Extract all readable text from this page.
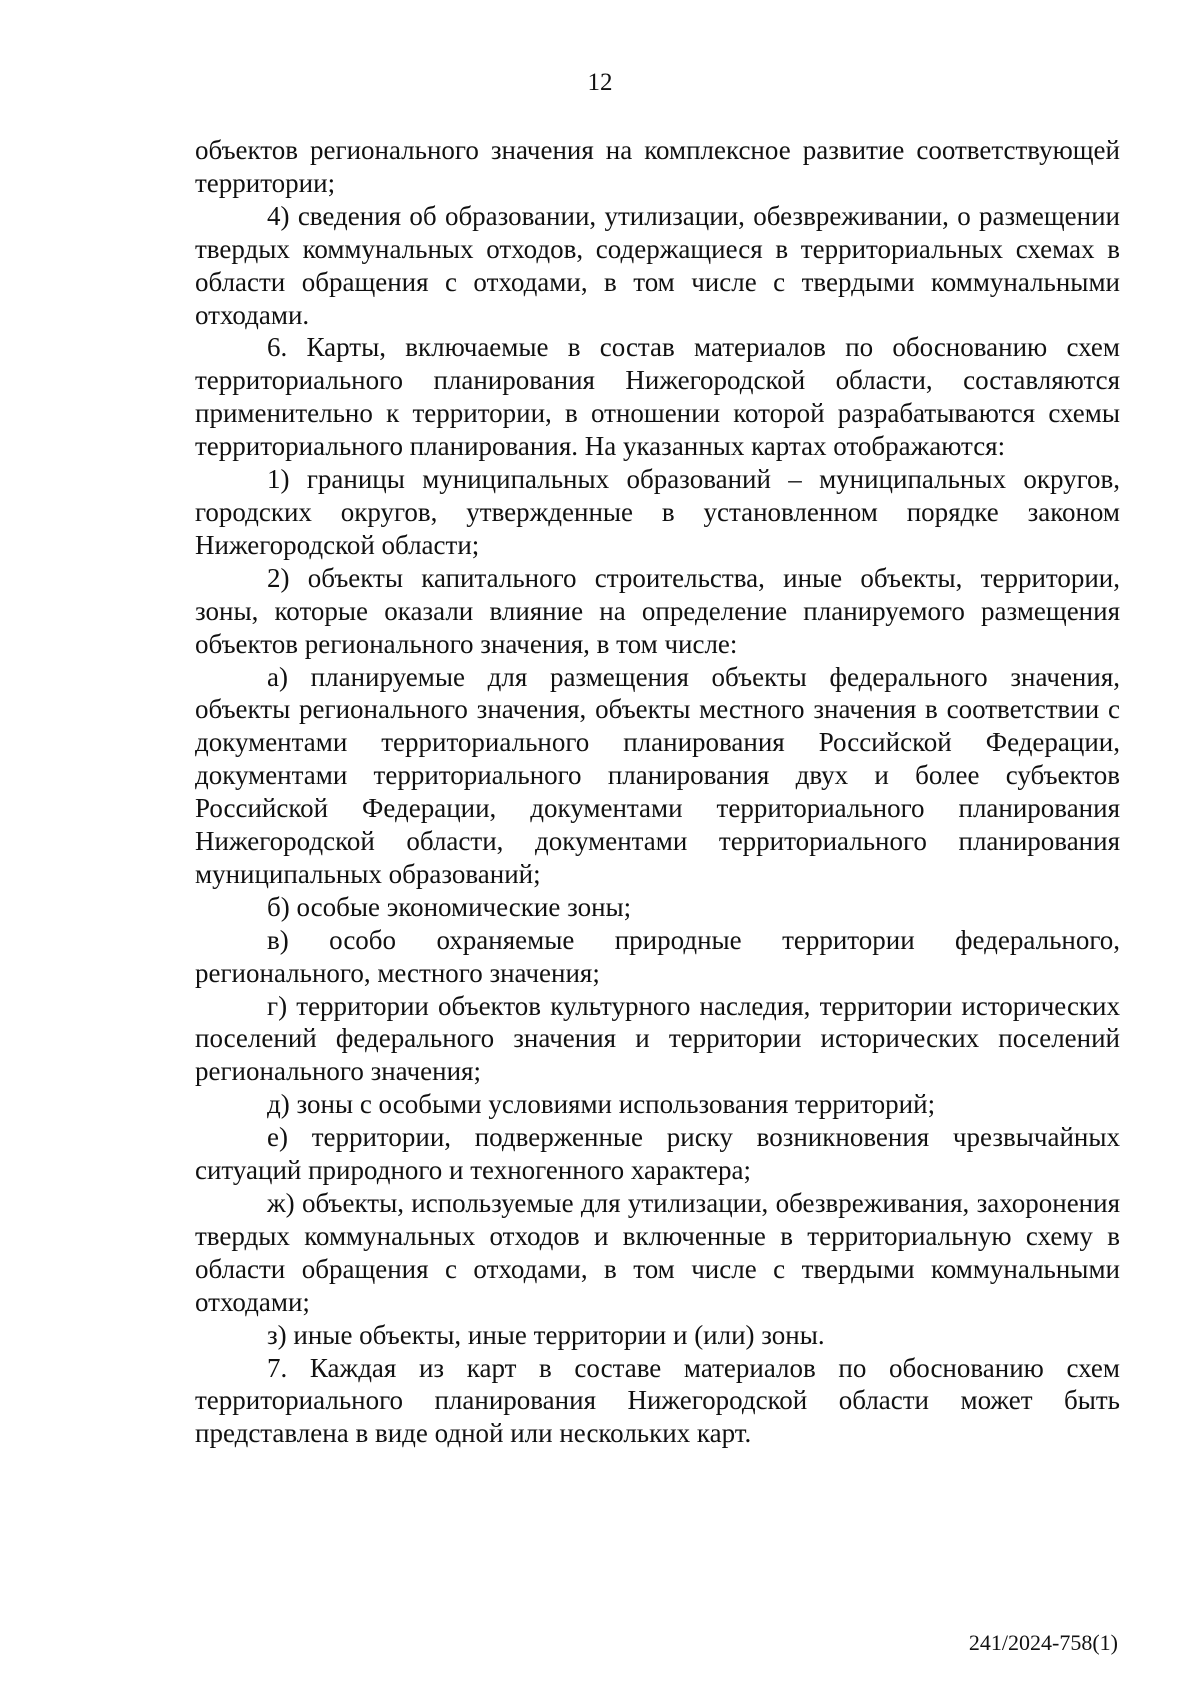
12

объектов регионального значения на комплексное развитие соответствующей территории;

4) сведения об образовании, утилизации, обезвреживании, о размещении твердых коммунальных отходов, содержащиеся в территориальных схемах в области обращения с отходами, в том числе с твердыми коммунальными отходами.

6. Карты, включаемые в состав материалов по обоснованию схем территориального планирования Нижегородской области, составляются применительно к территории, в отношении которой разрабатываются схемы территориального планирования. На указанных картах отображаются:

1) границы муниципальных образований – муниципальных округов, городских округов, утвержденные в установленном порядке законом Нижегородской области;

2) объекты капитального строительства, иные объекты, территории, зоны, которые оказали влияние на определение планируемого размещения объектов регионального значения, в том числе:

а) планируемые для размещения объекты федерального значения, объекты регионального значения, объекты местного значения в соответствии с документами территориального планирования Российской Федерации, документами территориального планирования двух и более субъектов Российской Федерации, документами территориального планирования Нижегородской области, документами территориального планирования муниципальных образований;

б) особые экономические зоны;

в) особо охраняемые природные территории федерального, регионального, местного значения;

г) территории объектов культурного наследия, территории исторических поселений федерального значения и территории исторических поселений регионального значения;

д) зоны с особыми условиями использования территорий;

е) территории, подверженные риску возникновения чрезвычайных ситуаций природного и техногенного характера;

ж) объекты, используемые для утилизации, обезвреживания, захоронения твердых коммунальных отходов и включенные в территориальную схему в области обращения с отходами, в том числе с твердыми коммунальными отходами;

з) иные объекты, иные территории и (или) зоны.

7. Каждая из карт в составе материалов по обоснованию схем территориального планирования Нижегородской области может быть представлена в виде одной или нескольких карт.

241/2024-758(1)
